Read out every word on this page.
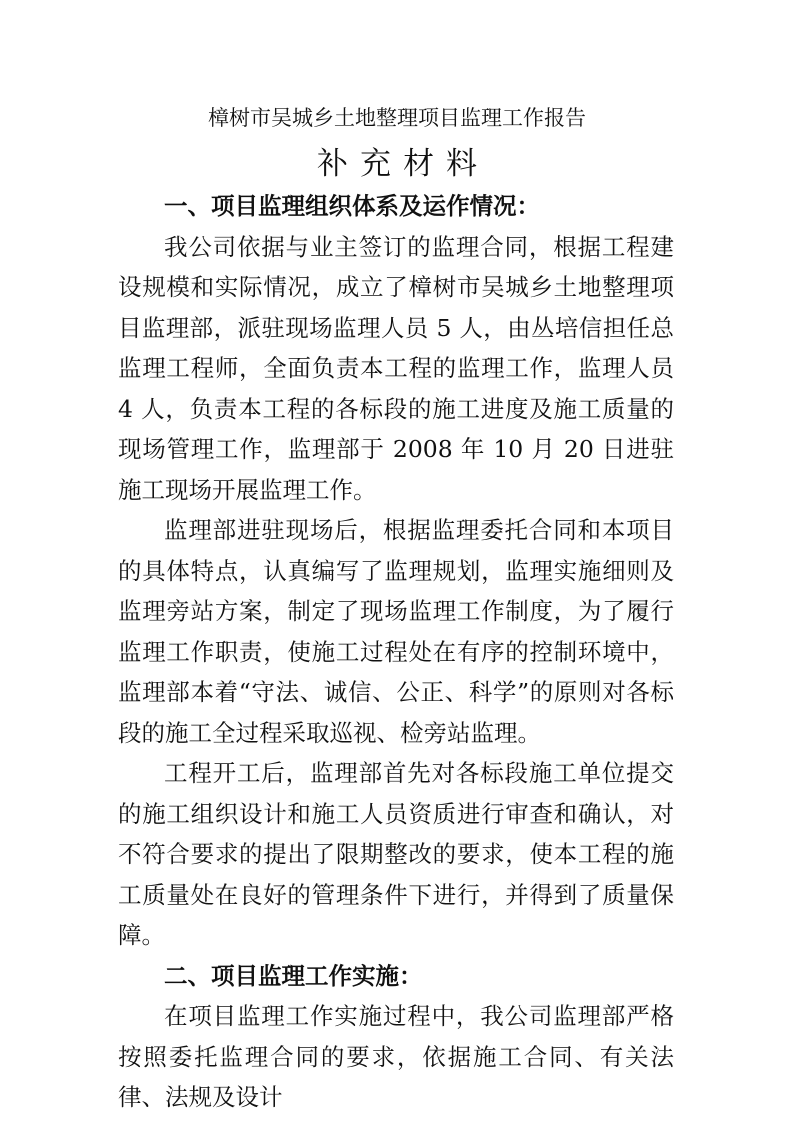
樟树市吴城乡土地整理项目监理工作报告
补充材料

一、项目监理组织体系及运作情况：

我公司依据与业主签订的监理合同，根据工程建设规模和实际情况，成立了樟树市吴城乡土地整理项目监理部，派驻现场监理人员 5 人，由丛培信担任总监理工程师，全面负责本工程的监理工作，监理人员 4 人，负责本工程的各标段的施工进度及施工质量的现场管理工作，监理部于 2008 年 10 月 20 日进驻施工现场开展监理工作。

监理部进驻现场后，根据监理委托合同和本项目的具体特点，认真编写了监理规划，监理实施细则及监理旁站方案，制定了现场监理工作制度，为了履行监理工作职责，使施工过程处在有序的控制环境中，监理部本着“守法、诚信、公正、科学”的原则对各标段的施工全过程采取巡视、检旁站监理。

工程开工后，监理部首先对各标段施工单位提交的施工组织设计和施工人员资质进行审查和确认，对不符合要求的提出了限期整改的要求，使本工程的施工质量处在良好的管理条件下进行，并得到了质量保障。

二、项目监理工作实施：

在项目监理工作实施过程中，我公司监理部严格按照委托监理合同的要求，依据施工合同、有关法律、法规及设计
